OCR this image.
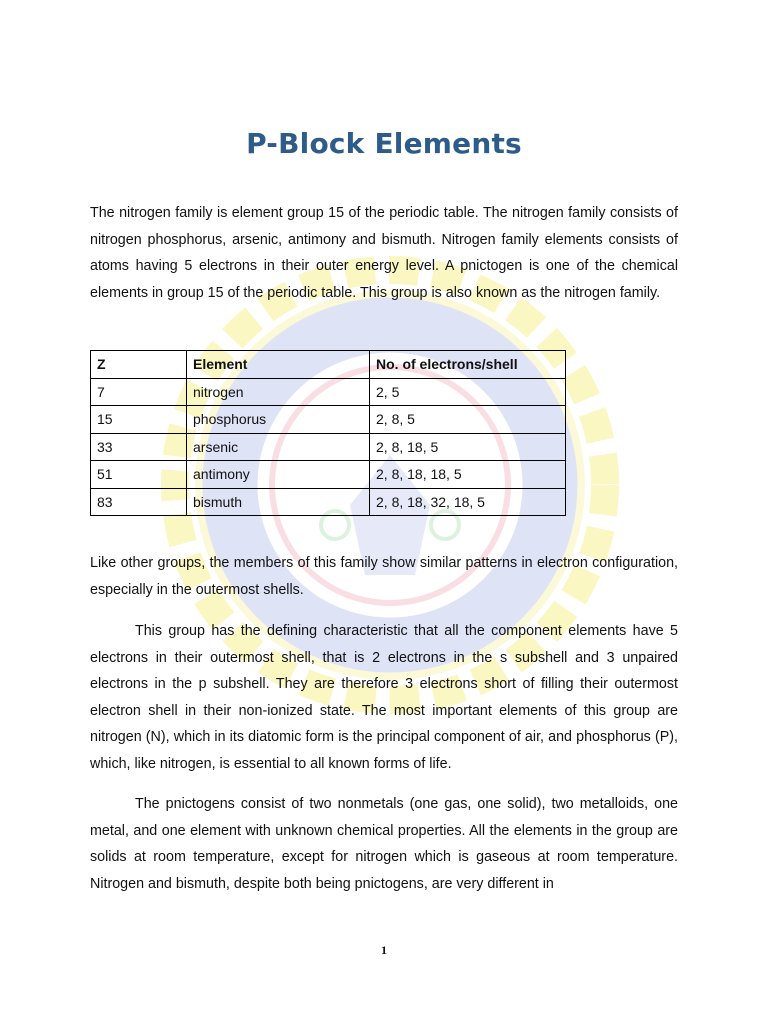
P-Block Elements

The nitrogen family is element group 15 of the periodic table. The nitrogen family consists of nitrogen phosphorus, arsenic, antimony and bismuth. Nitrogen family elements consists of atoms having 5 electrons in their outer energy level. A pnictogen is one of the chemical elements in group 15 of the periodic table. This group is also known as the nitrogen family.

Z	Element	No. of electrons/shell
7	nitrogen	2, 5
15	phosphorus	2, 8, 5
33	arsenic	2, 8, 18, 5
51	antimony	2, 8, 18, 18, 5
83	bismuth	2, 8, 18, 32, 18, 5

Like other groups, the members of this family show similar patterns in electron configuration, especially in the outermost shells.

This group has the defining characteristic that all the component elements have 5 electrons in their outermost shell, that is 2 electrons in the s subshell and 3 unpaired electrons in the p subshell. They are therefore 3 electrons short of filling their outermost electron shell in their non-ionized state. The most important elements of this group are nitrogen (N), which in its diatomic form is the principal component of air, and phosphorus (P), which, like nitrogen, is essential to all known forms of life.

The pnictogens consist of two nonmetals (one gas, one solid), two metalloids, one metal, and one element with unknown chemical properties. All the elements in the group are solids at room temperature, except for nitrogen which is gaseous at room temperature. Nitrogen and bismuth, despite both being pnictogens, are very different in

1
